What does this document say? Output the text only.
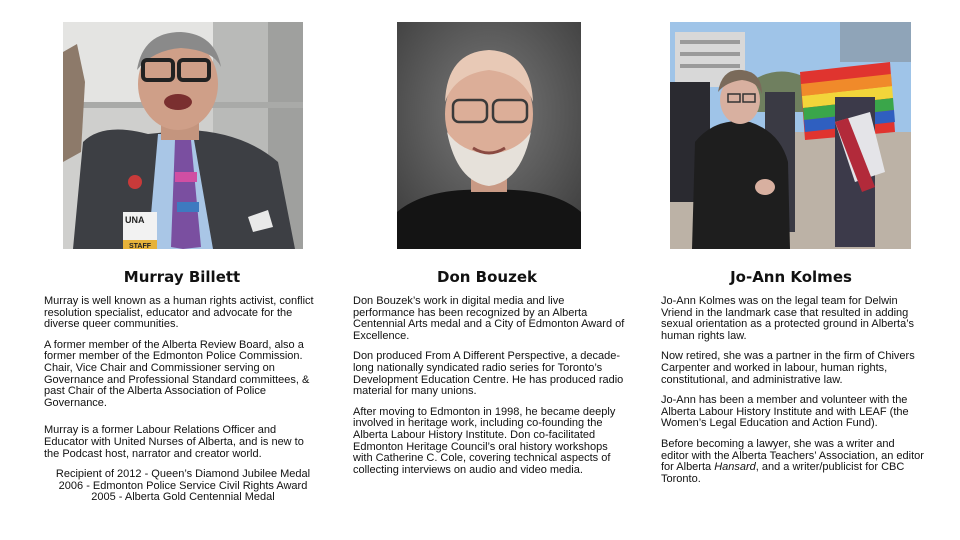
UNA
STAFF
Murray Billett	Don Bouzek	Jo-Ann Kolmes

Murray is well known as a human rights activist, conflict resolution specialist, educator and advocate for the diverse queer communities.

A former member of the Alberta Review Board, also a former member of the Edmonton Police Commission. Chair, Vice Chair and Commissioner serving on Governance and Professional Standard committees, & past Chair of the Alberta Association of Police Governance.

Murray is a former Labour Relations Officer and Educator with United Nurses of Alberta, and is new to the Podcast host, narrator and creator world.

Recipient of 2012 - Queen’s Diamond Jubilee Medal
2006 - Edmonton Police Service Civil Rights Award
2005 - Alberta Gold Centennial Medal

Don Bouzek’s work in digital media and live performance has been recognized by an Alberta Centennial Arts medal and a City of Edmonton Award of Excellence.

Don produced From A Different Perspective, a decade-long nationally syndicated radio series for Toronto’s Development Education Centre. He has produced radio material for many unions.

After moving to Edmonton in 1998, he became deeply involved in heritage work, including co-founding the Alberta Labour History Institute. Don co-facilitated Edmonton Heritage Council’s oral history workshops with Catherine C. Cole, covering technical aspects of collecting interviews on audio and video media.

Jo-Ann Kolmes was on the legal team for Delwin Vriend in the landmark case that resulted in adding sexual orientation as a protected ground in Alberta’s human rights law.

Now retired, she was a partner in the firm of Chivers Carpenter and worked in labour, human rights, constitutional, and administrative law.

Jo-Ann has been a member and volunteer with the Alberta Labour History Institute and with LEAF (the Women’s Legal Education and Action Fund).

Before becoming a lawyer, she was a writer and editor with the Alberta Teachers’ Association, an editor for Alberta Hansard, and a writer/publicist for CBC Toronto.
